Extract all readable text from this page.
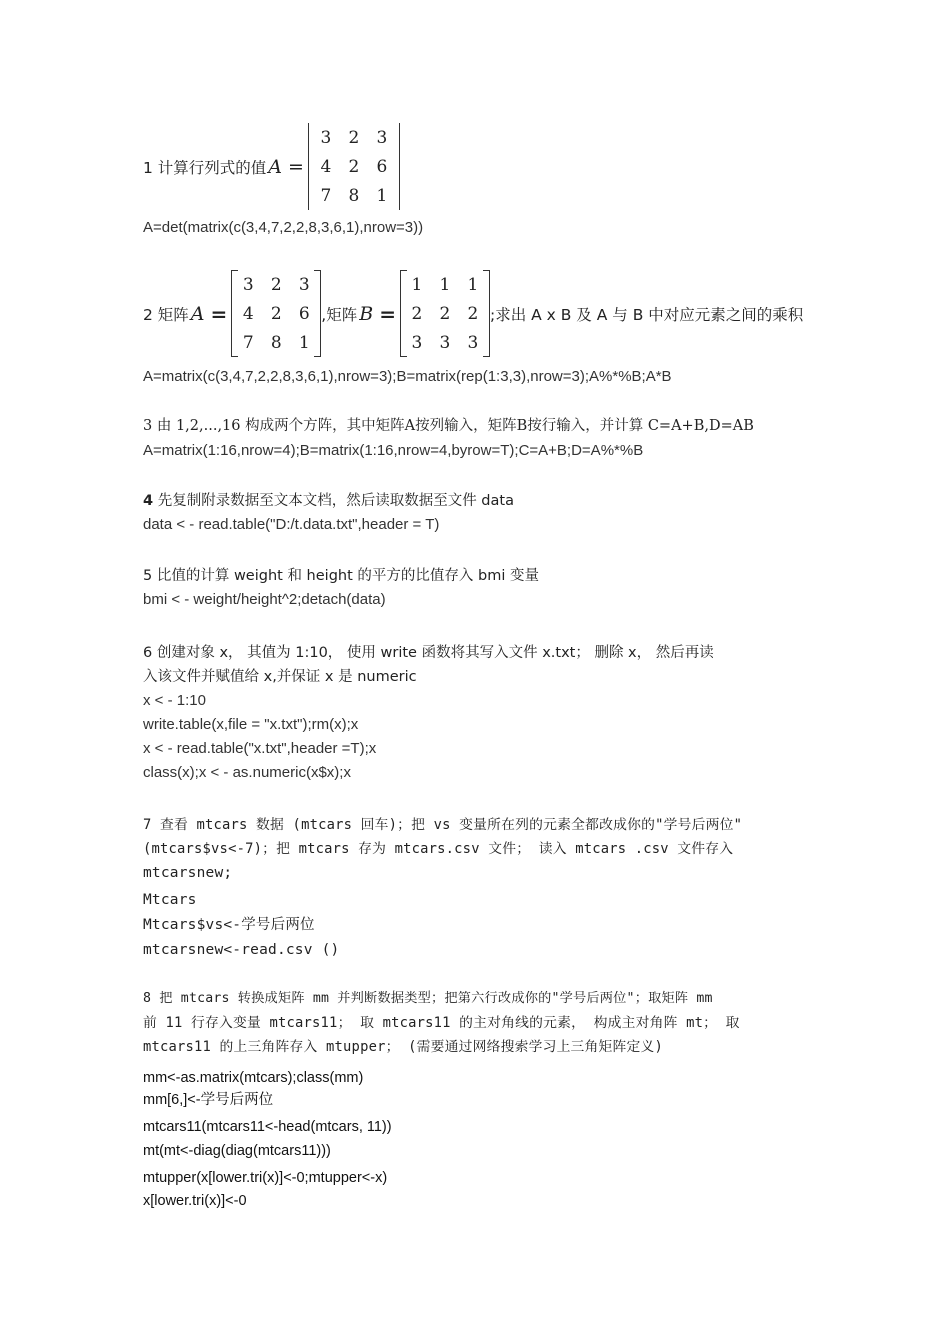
1 计算行列式的值 A =
3	2	3
4	2	6
7	8	1
A=det(matrix(c(3,4,7,2,2,8,3,6,1),nrow=3))
2 矩阵 A =
3	2	3
4	2	6
7	8	1
,矩阵 B =
1	1	1
2	2	2
3	3	3
;求出 A x B 及 A 与 B 中对应元素之间的乘积
A=matrix(c(3,4,7,2,2,8,3,6,1),nrow=3);B=matrix(rep(1:3,3),nrow=3);A%*%B;A*B
3 由 1,2,...,16 构成两个方阵，其中矩阵A按列输入，矩阵B按行输入，并计算 C=A+B,D=AB
A=matrix(1:16,nrow=4);B=matrix(1:16,nrow=4,byrow=T);C=A+B;D=A%*%B
4 先复制附录数据至文本文档，然后读取数据至文件 data
data < - read.table("D:/t.data.txt",header = T)
5 比值的计算 weight 和 height 的平方的比值存入 bmi 变量
bmi < - weight/height^2;detach(data)
6 创建对象 x， 其值为 1:10， 使用 write 函数将其写入文件 x.txt； 删除 x， 然后再读
入该文件并赋值给 x,并保证 x 是 numeric
x < - 1:10
write.table(x,file = "x.txt");rm(x);x
x < - read.table("x.txt",header =T);x
class(x);x < - as.numeric(x$x);x
7 查看 mtcars 数据 (mtcars 回车)；把 vs 变量所在列的元素全都改成你的"学号后两位"
(mtcars$vs<-7)；把 mtcars 存为 mtcars.csv 文件； 读入 mtcars .csv 文件存入
mtcarsnew;
Mtcars
Mtcars$vs<-学号后两位
mtcarsnew<-read.csv ()
8 把 mtcars 转换成矩阵 mm 并判断数据类型；把第六行改成你的"学号后两位"；取矩阵 mm
前 11 行存入变量 mtcars11； 取 mtcars11 的主对角线的元素， 构成主对角阵 mt； 取
mtcars11 的上三角阵存入 mtupper； (需要通过网络搜索学习上三角矩阵定义)
mm<-as.matrix(mtcars);class(mm)
mm[6,]<-学号后两位
mtcars11(mtcars11<-head(mtcars, 11))
mt(mt<-diag(diag(mtcars11)))
mtupper(x[lower.tri(x)]<-0;mtupper<-x)
x[lower.tri(x)]<-0
